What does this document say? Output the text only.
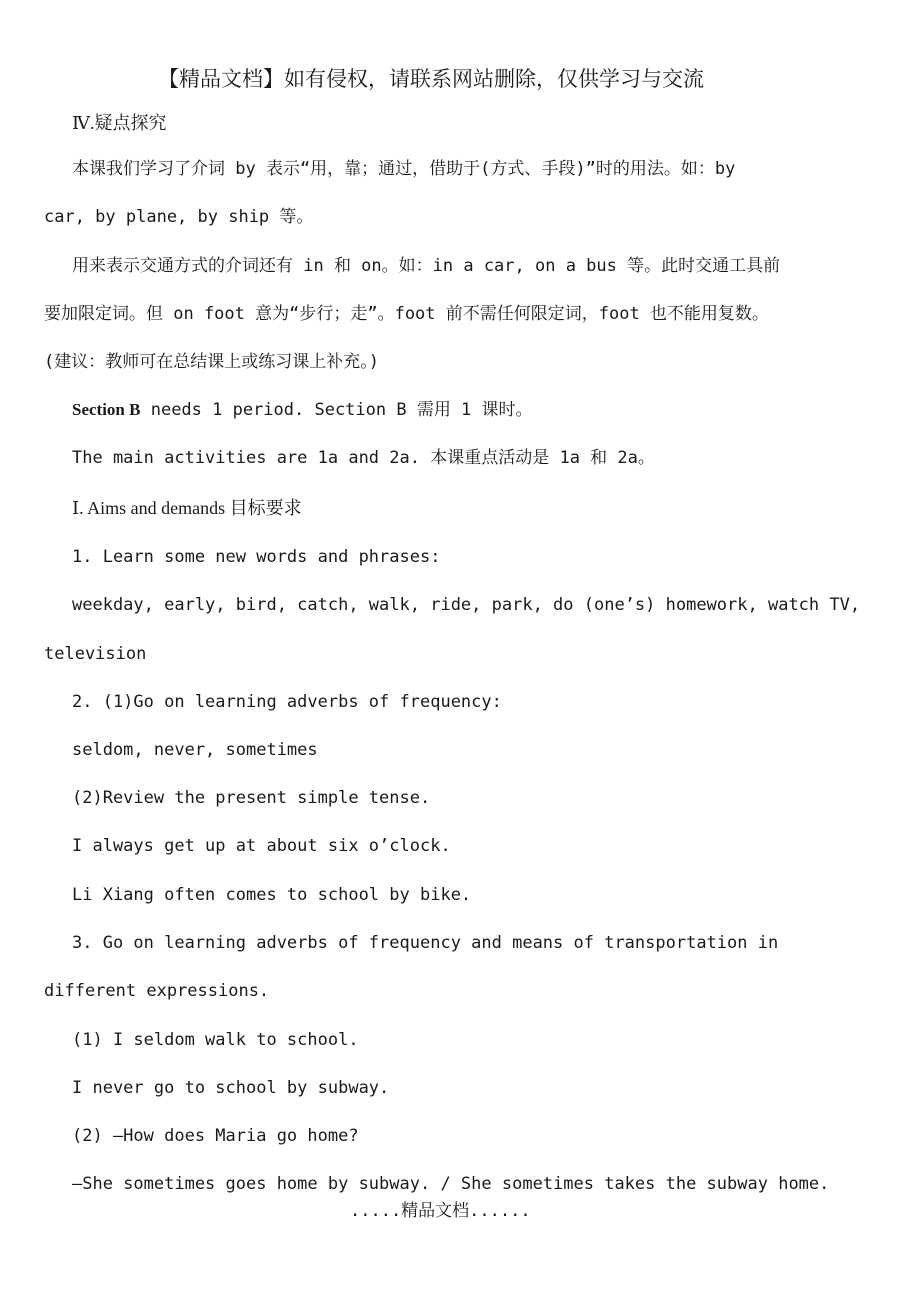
【精品文档】如有侵权，请联系网站删除，仅供学习与交流
Ⅳ.疑点探究
本课我们学习了介词 by 表示“用，靠；通过，借助于(方式、手段)”时的用法。如：by
car, by plane, by ship 等。
用来表示交通方式的介词还有 in 和 on。如：in a car, on a bus 等。此时交通工具前
要加限定词。但 on foot 意为“步行；走”。foot 前不需任何限定词，foot 也不能用复数。
(建议：教师可在总结课上或练习课上补充。)
Section B needs 1 period. Section B 需用 1 课时。
The main activities are 1a and 2a. 本课重点活动是 1a 和 2a。
Ⅰ. Aims and demands 目标要求
1. Learn some new words and phrases:
weekday, early, bird, catch, walk, ride, park, do (one’s) homework, watch TV,
television
2. (1)Go on learning adverbs of frequency:
seldom, never, sometimes
(2)Review the present simple tense.
I always get up at about six o’clock.
Li Xiang often comes to school by bike.
3. Go on learning adverbs of frequency and means of transportation in
different expressions.
(1) I seldom walk to school.
I never go to school by subway.
(2) —How does Maria go home?
—She sometimes goes home by subway. / She sometimes takes the subway home.
.....精品文档......
